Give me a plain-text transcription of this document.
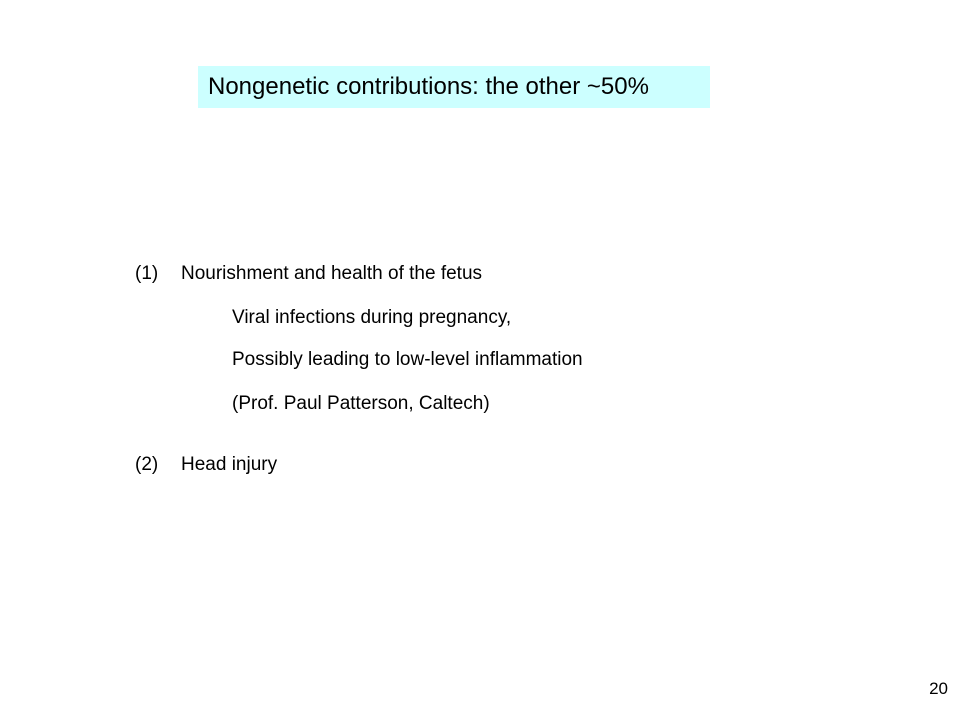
Nongenetic contributions: the other ~50%
(1) Nourishment and health of the fetus
Viral infections during pregnancy,
Possibly leading to low-level inflammation
(Prof. Paul Patterson, Caltech)
(2) Head injury
20
